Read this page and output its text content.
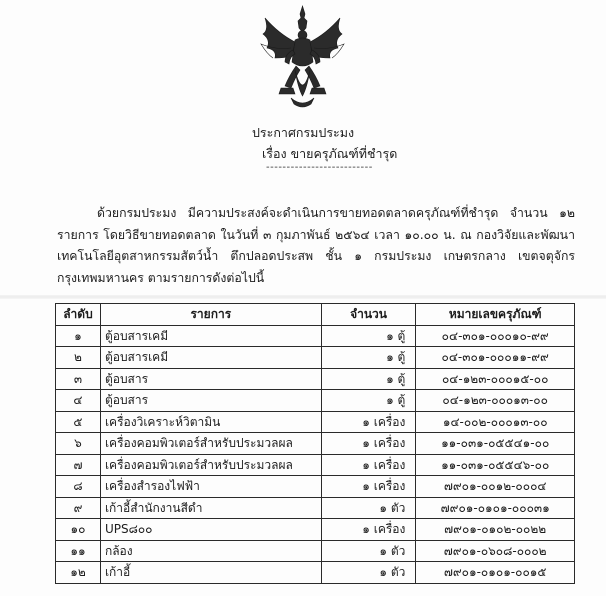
ประกาศกรมประมง
เรื่อง ขายครุภัณฑ์ที่ชำรุด
--------------------------
ด้วยกรมประมง มีความประสงค์จะดำเนินการขายทอดตลาดครุภัณฑ์ที่ชำรุด จำนวน ๑๒ รายการ โดยวิธีขายทอดตลาด ในวันที่ ๓ กุมภาพันธ์ ๒๕๖๔ เวลา ๑๐.๐๐ น. ณ กองวิจัยและพัฒนาเทคโนโลยีอุตสาหกรรมสัตว์น้ำ ตึกปลอดประสพ ชั้น ๑ กรมประมง เกษตรกลาง เขตจตุจักร กรุงเทพมหานคร ตามรายการดังต่อไปนี้
ลำดับ	รายการ	จำนวน	หมายเลขครุภัณฑ์
๑	ตู้อบสารเคมี	๑ ตู้	๐๔-๓๐๑-๐๐๐๑๐-๙๙
๒	ตู้อบสารเคมี	๑ ตู้	๐๔-๓๐๑-๐๐๐๑๑-๙๙
๓	ตู้อบสาร	๑ ตู้	๐๔-๑๒๓-๐๐๐๑๕-๐๐
๔	ตู้อบสาร	๑ ตู้	๐๔-๑๒๓-๐๐๐๑๓-๐๐
๕	เครื่องวิเคราะห์วิตามิน	๑ เครื่อง	๑๔-๐๐๒-๐๐๐๑๓-๐๐
๖	เครื่องคอมพิวเตอร์สำหรับประมวลผล	๑ เครื่อง	๑๑-๐๓๑-๐๕๕๔๑-๐๐
๗	เครื่องคอมพิวเตอร์สำหรับประมวลผล	๑ เครื่อง	๑๑-๐๓๑-๐๕๕๔๖-๐๐
๘	เครื่องสำรองไฟฟ้า	๑ เครื่อง	๗๙๐๑-๐๐๑๒-๐๐๐๔
๙	เก้าอี้สำนักงานสีดำ	๑ ตัว	๗๙๐๑-๐๑๐๑-๐๐๐๓๑
๑๐	UPS๘๐๐	๑ เครื่อง	๗๙๐๑-๐๑๐๒-๐๐๒๒
๑๑	กล้อง	๑ ตัว	๗๙๐๑-๐๖๐๘-๐๐๐๒
๑๒	เก้าอี้	๑ ตัว	๗๙๐๑-๐๑๐๑-๐๐๑๕
